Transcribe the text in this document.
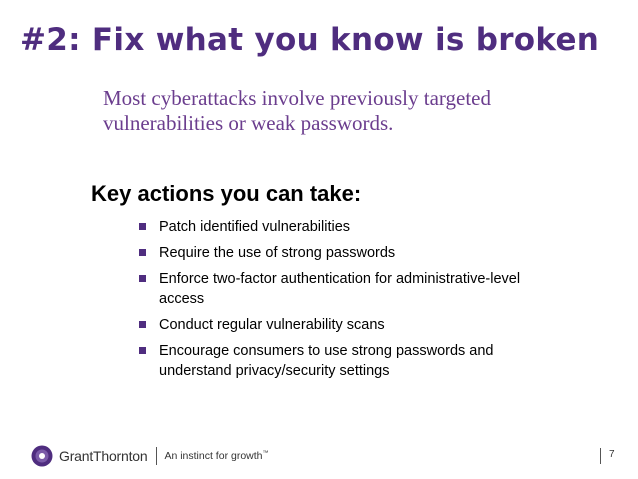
#2: Fix what you know is broken
Most cyberattacks involve previously targeted vulnerabilities or weak passwords.
Key actions you can take:
Patch identified vulnerabilities
Require the use of strong passwords
Enforce two-factor authentication for administrative-level access
Conduct regular vulnerability scans
Encourage consumers to use strong passwords and understand privacy/security settings
GrantThornton An instinct for growth™	7
